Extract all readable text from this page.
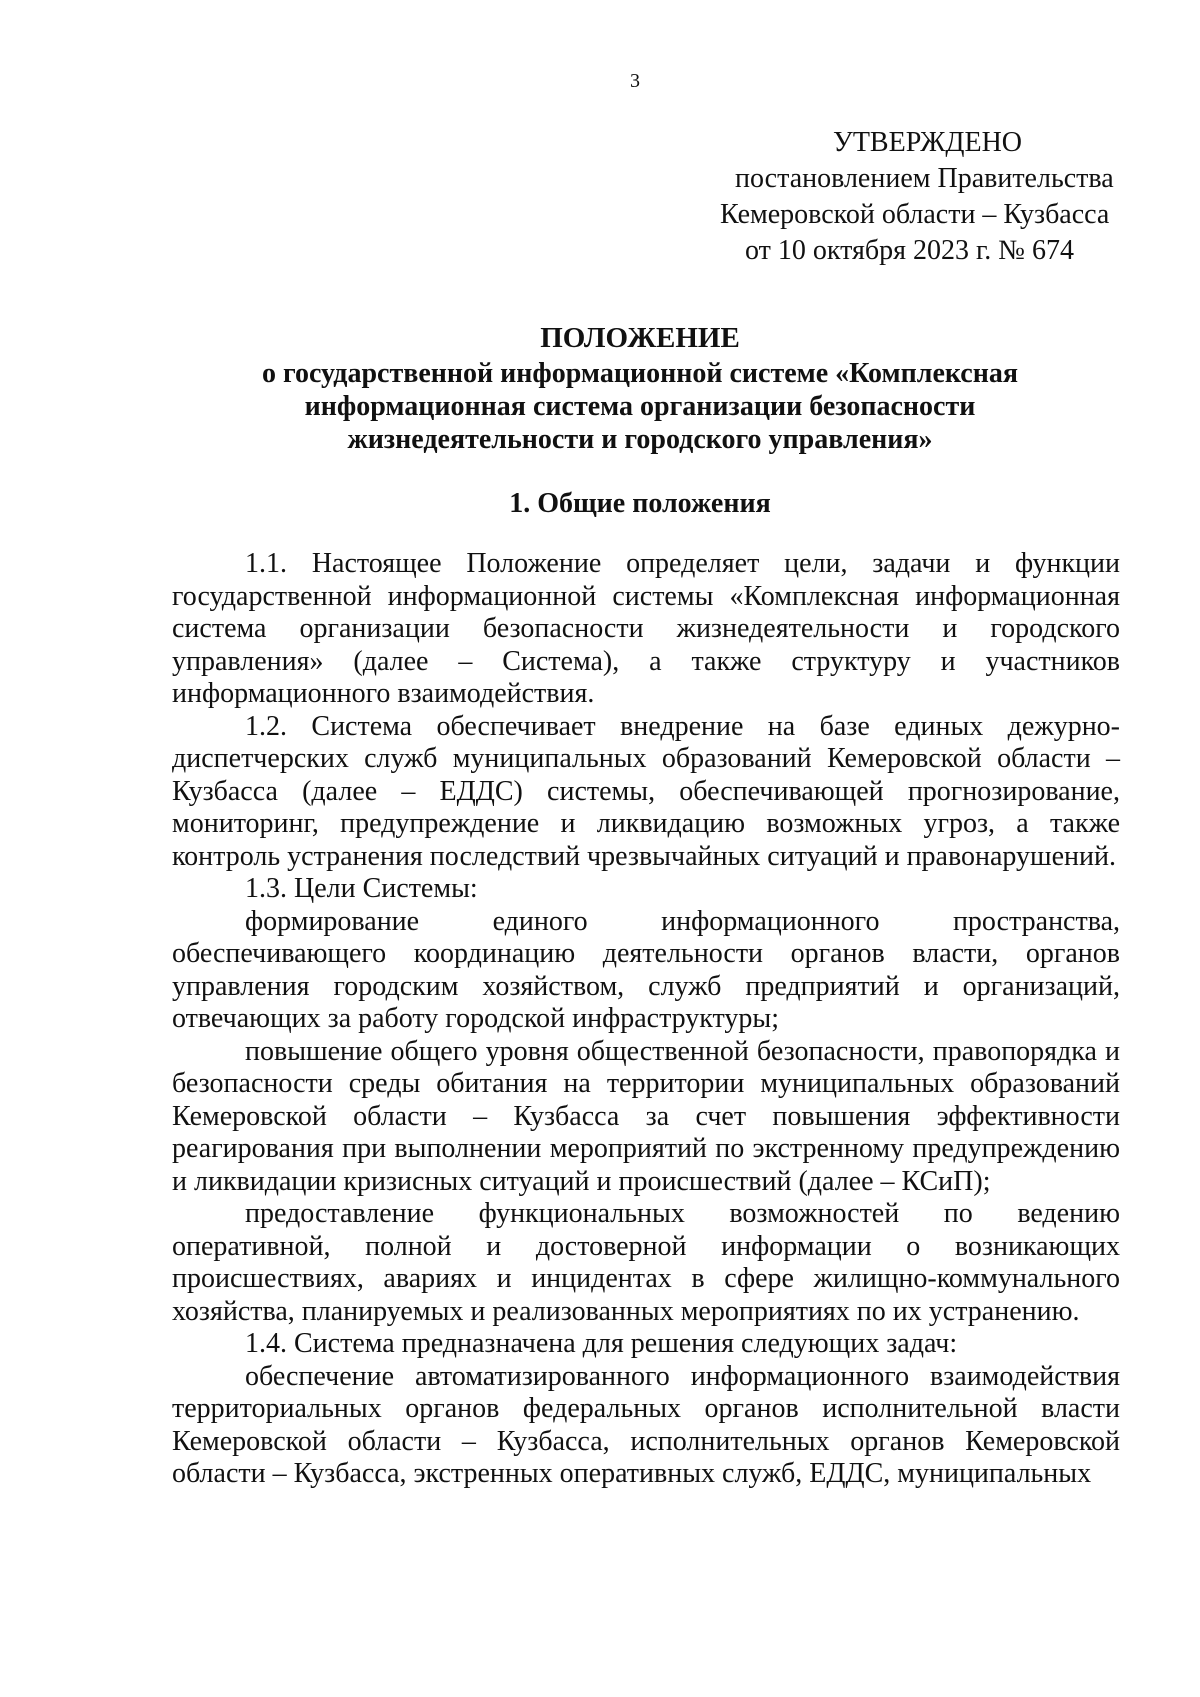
3
УТВЕРЖДЕНО
постановлением Правительства
Кемеровской области – Кузбасса
от 10 октября 2023 г. № 674
ПОЛОЖЕНИЕ
о государственной информационной системе «Комплексная
информационная система организации безопасности
жизнедеятельности и городского управления»
1. Общие положения

1.1. Настоящее Положение определяет цели, задачи и функции государственной информационной системы «Комплексная информационная система организации безопасности жизнедеятельности и городского управления» (далее – Система), а также структуру и участников информационного взаимодействия.

1.2. Система обеспечивает внедрение на базе единых дежурно-диспетчерских служб муниципальных образований Кемеровской области – Кузбасса (далее – ЕДДС) системы, обеспечивающей прогнозирование, мониторинг, предупреждение и ликвидацию возможных угроз, а также контроль устранения последствий чрезвычайных ситуаций и правонарушений.

1.3. Цели Системы:

формирование единого информационного пространства, обеспечивающего координацию деятельности органов власти, органов управления городским хозяйством, служб предприятий и организаций, отвечающих за работу городской инфраструктуры;

повышение общего уровня общественной безопасности, правопорядка и безопасности среды обитания на территории муниципальных образований Кемеровской области – Кузбасса за счет повышения эффективности реагирования при выполнении мероприятий по экстренному предупреждению и ликвидации кризисных ситуаций и происшествий (далее – КСиП);

предоставление функциональных возможностей по ведению оперативной, полной и достоверной информации о возникающих происшествиях, авариях и инцидентах в сфере жилищно-коммунального хозяйства, планируемых и реализованных мероприятиях по их устранению.

1.4. Система предназначена для решения следующих задач:

обеспечение автоматизированного информационного взаимодействия территориальных органов федеральных органов исполнительной власти Кемеровской области – Кузбасса, исполнительных органов Кемеровской области – Кузбасса, экстренных оперативных служб, ЕДДС, муниципальных
